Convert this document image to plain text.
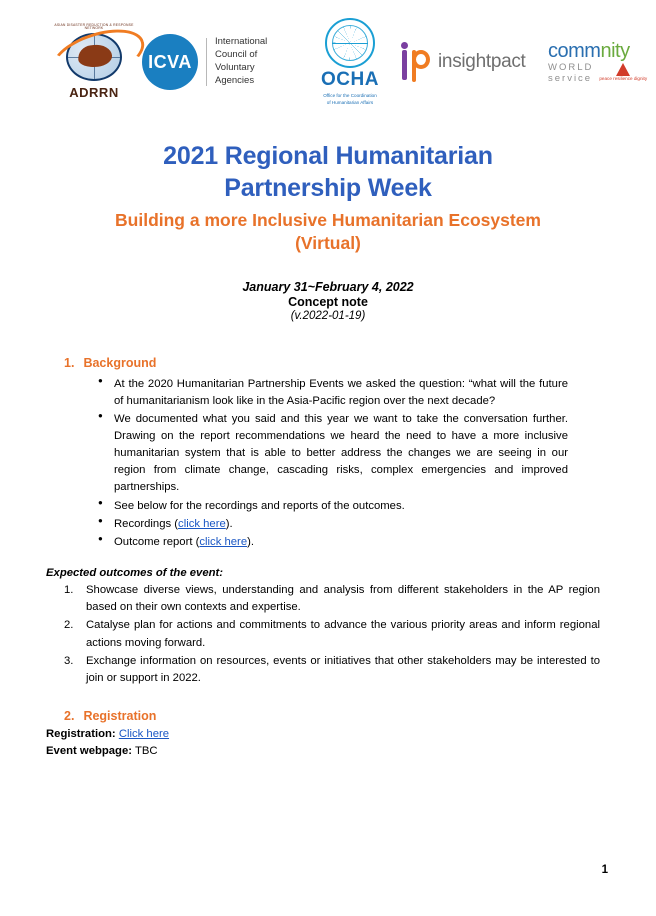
ASIAN DISASTER REDUCTION & RESPONSE NETWORK
ADRRN
ICVA
International
Council of
Voluntary
Agencies	OCHA
Office for the Coordination
of Humanitarian Affairs
insightpact commnity
WORLD
service peace resilience dignity
2021 Regional Humanitarian
Partnership Week
Building a more Inclusive Humanitarian Ecosystem
(Virtual)
January 31~February 4, 2022
Concept note
(v.2022-01-19)
1. Background
● At the 2020 Humanitarian Partnership Events we asked the question: “what will the future of humanitarianism look like in the Asia-Pacific region over the next decade?
● We documented what you said and this year we want to take the conversation further. Drawing on the report recommendations we heard the need to have a more inclusive humanitarian system that is able to better address the changes we are seeing in our region from climate change, cascading risks, complex emergencies and improved partnerships.
● See below for the recordings and reports of the outcomes.
● Recordings (click here).
● Outcome report (click here).
Expected outcomes of the event:
Showcase diverse views, understanding and analysis from different stakeholders in the AP region based on their own contexts and expertise.
Catalyse plan for actions and commitments to advance the various priority areas and inform regional actions moving forward.
Exchange information on resources, events or initiatives that other stakeholders may be interested to join or support in 2022.
2. Registration
Registration: Click here
Event webpage: TBC
1
